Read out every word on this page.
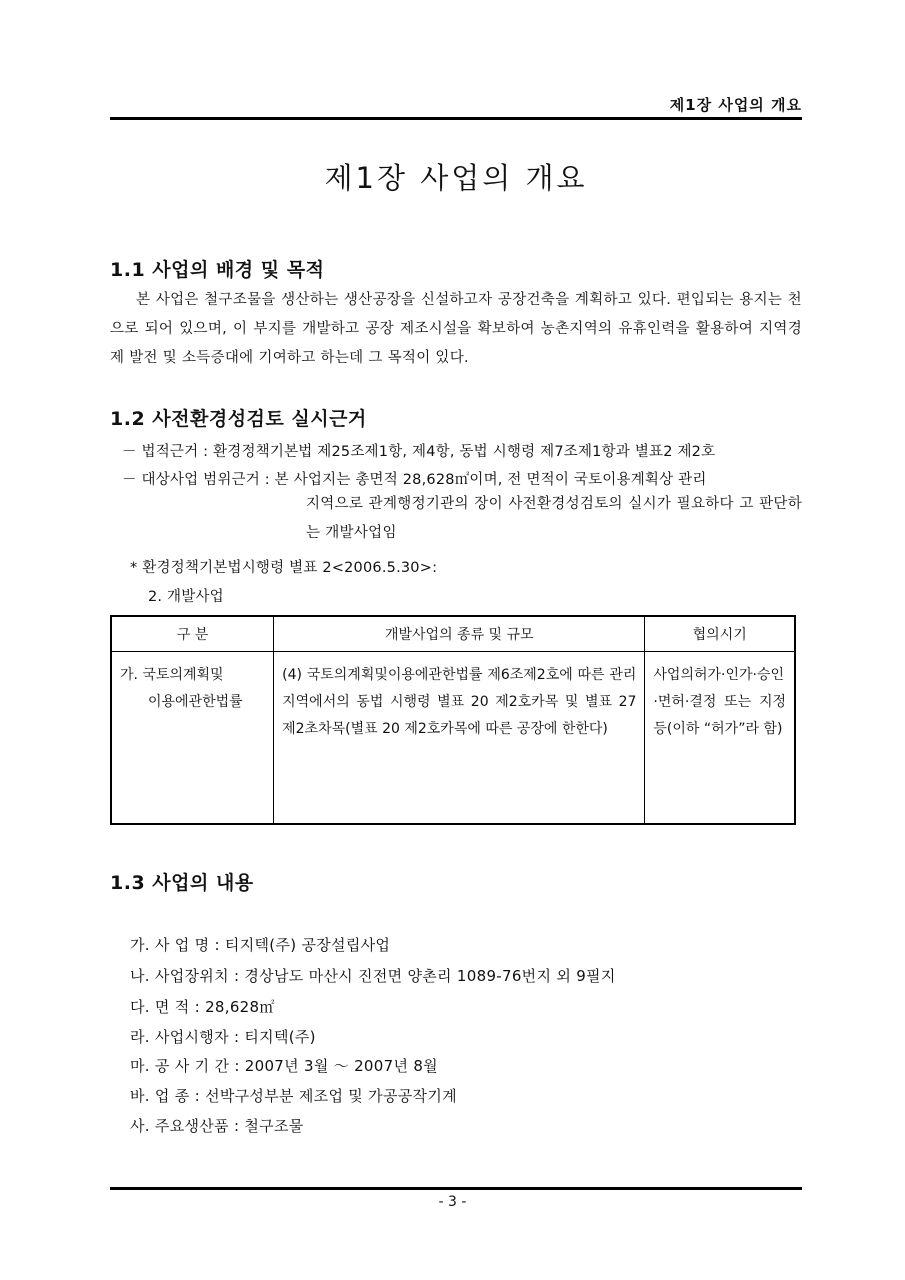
제1장 사업의 개요
제1장 사업의 개요
1.1 사업의 배경 및 목적
본 사업은 철구조물을 생산하는 생산공장을 신설하고자 공장건축을 계획하고 있다. 편입되는 용지는 천으로 되어 있으며, 이 부지를 개발하고 공장 제조시설을 확보하여 농촌지역의 유휴인력을 활용하여 지역경제 발전 및 소득증대에 기여하고 하는데 그 목적이 있다.
1.2 사전환경성검토 실시근거
－ 법적근거 : 환경정책기본법 제25조제1항, 제4항, 동법 시행령 제7조제1항과 별표2 제2호
－ 대상사업 범위근거 : 본 사업지는 총면적 28,628㎡이며, 전 면적이 국토이용계획상 관리
지역으로 관계행정기관의 장이 사전환경성검토의 실시가 필요하다 고 판단하는 개발사업임
* 환경정책기본법시행령 별표 2<2006.5.30>:
2. 개발사업
구 분	개발사업의 종류 및 규모	협의시기

가. 국토의계획및
이용에관한법률	(4) 국토의계획및이용에관한법률 제6조제2호에 따른 관리지역에서의 동법 시행령 별표 20 제2호카목 및 별표 27 제2초차목(별표 20 제2호카목에 따른 공장에 한한다)	사업의허가·인가·승인·면허·결정 또는 지정 등(이하 “허가”라 함)
1.3 사업의 내용
가. 사 업 명 : 티지텍(주) 공장설립사업
나. 사업장위치 : 경상남도 마산시 진전면 양촌리 1089-76번지 외 9필지
다. 면 적 : 28,628㎡
라. 사업시행자 : 티지텍(주)
마. 공 사 기 간 : 2007년 3월 ～ 2007년 8월
바. 업 종 : 선박구성부분 제조업 및 가공공작기계
사. 주요생산품 : 철구조물
- 3 -
